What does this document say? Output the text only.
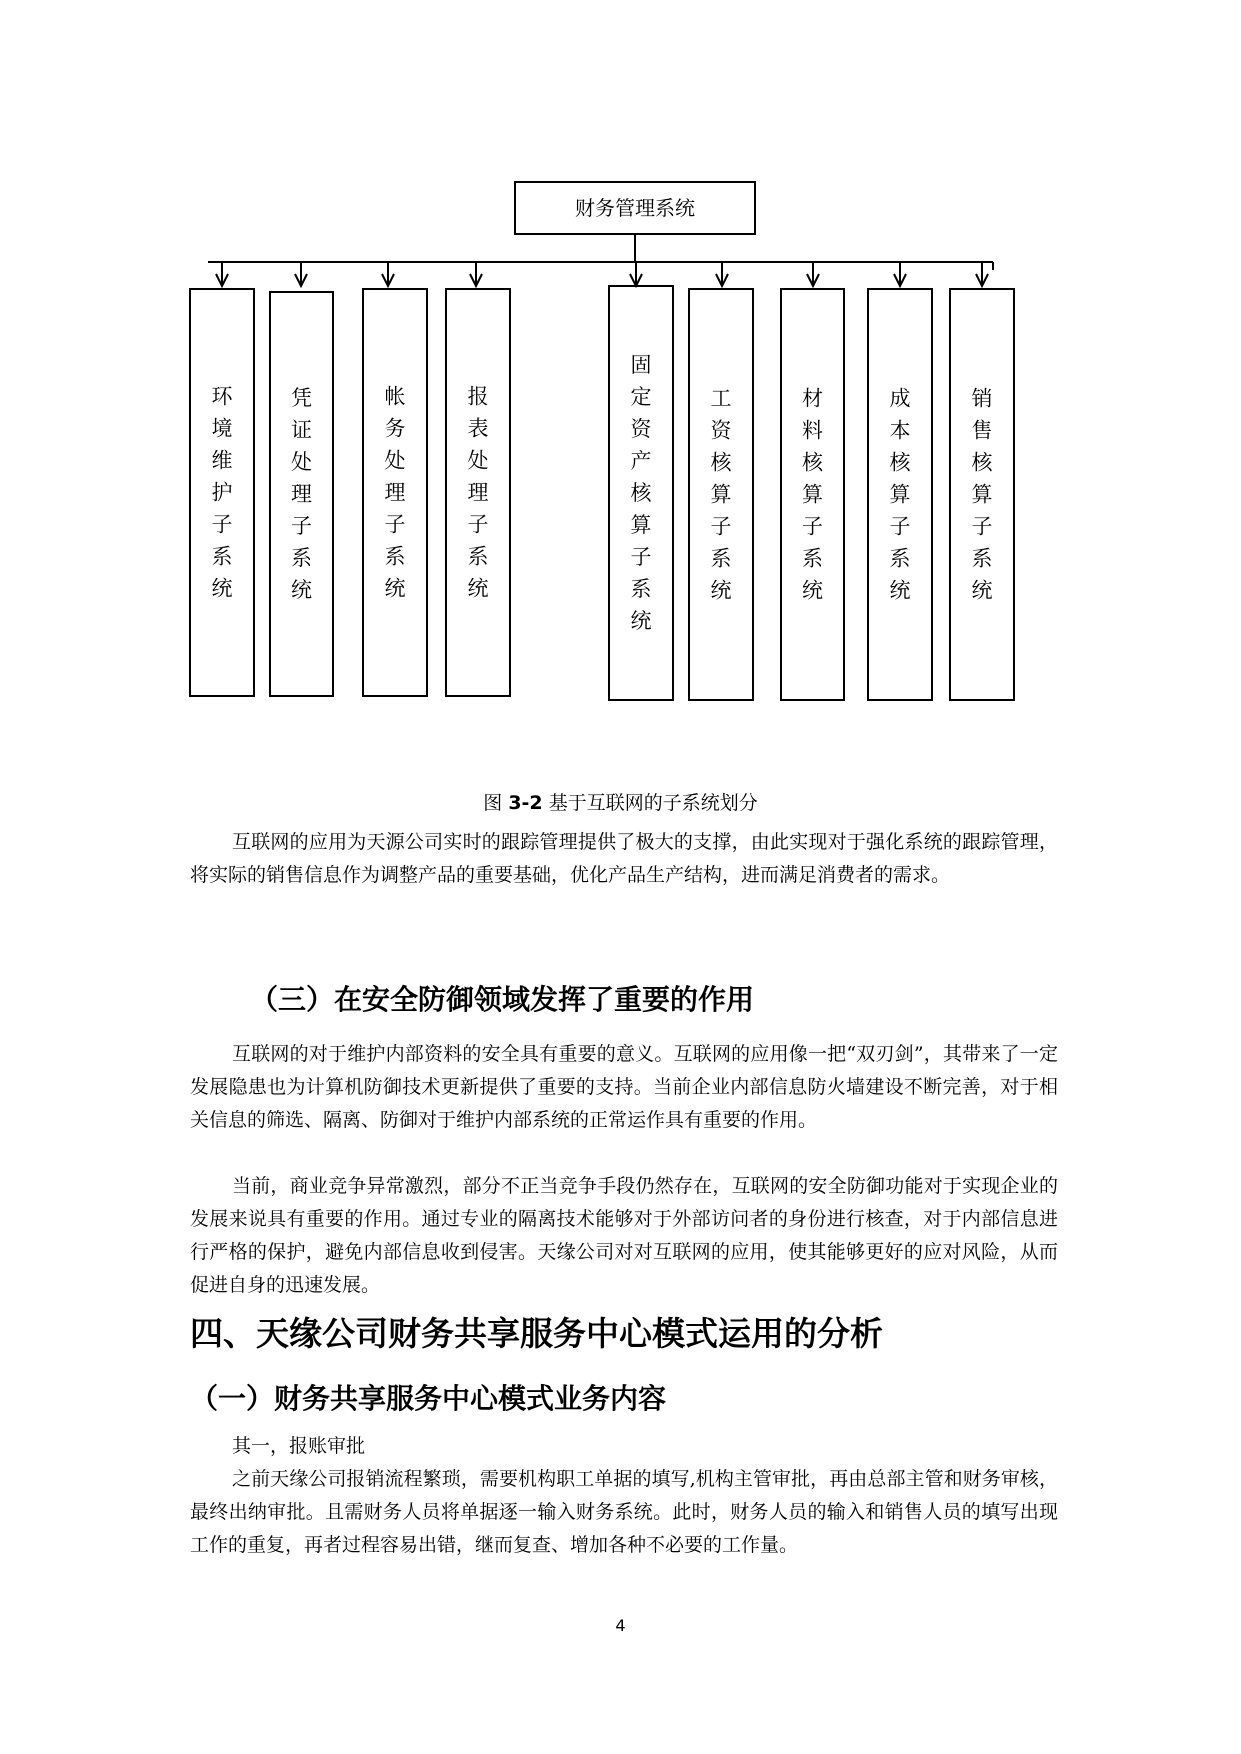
财务管理系统
环
境
维
护
子
系
统
凭
证
处
理
子
系
统
帐
务
处
理
子
系
统
报
表
处
理
子
系
统
固
定
资
产
核
算
子
系
统
工
资
核
算
子
系
统
材
料
核
算
子
系
统
成
本
核
算
子
系
统
销
售
核
算
子
系
统
图 3-2 基于互联网的子系统划分

互联网的应用为天源公司实时的跟踪管理提供了极大的支撑，由此实现对于强化系统的跟踪管理，将实际的销售信息作为调整产品的重要基础，优化产品生产结构，进而满足消费者的需求。

（三）在安全防御领域发挥了重要的作用

互联网的对于维护内部资料的安全具有重要的意义。互联网的应用像一把“双刃剑”，其带来了一定发展隐患也为计算机防御技术更新提供了重要的支持。当前企业内部信息防火墙建设不断完善，对于相关信息的筛选、隔离、防御对于维护内部系统的正常运作具有重要的作用。

当前，商业竞争异常激烈，部分不正当竞争手段仍然存在，互联网的安全防御功能对于实现企业的发展来说具有重要的作用。通过专业的隔离技术能够对于外部访问者的身份进行核查，对于内部信息进行严格的保护，避免内部信息收到侵害。天缘公司对对互联网的应用，使其能够更好的应对风险，从而促进自身的迅速发展。

四、天缘公司财务共享服务中心模式运用的分析
（一）财务共享服务中心模式业务内容

其一，报账审批

之前天缘公司报销流程繁琐，需要机构职工单据的填写,机构主管审批，再由总部主管和财务审核，最终出纳审批。且需财务人员将单据逐一输入财务系统。此时，财务人员的输入和销售人员的填写出现工作的重复，再者过程容易出错，继而复查、增加各种不必要的工作量。

4
